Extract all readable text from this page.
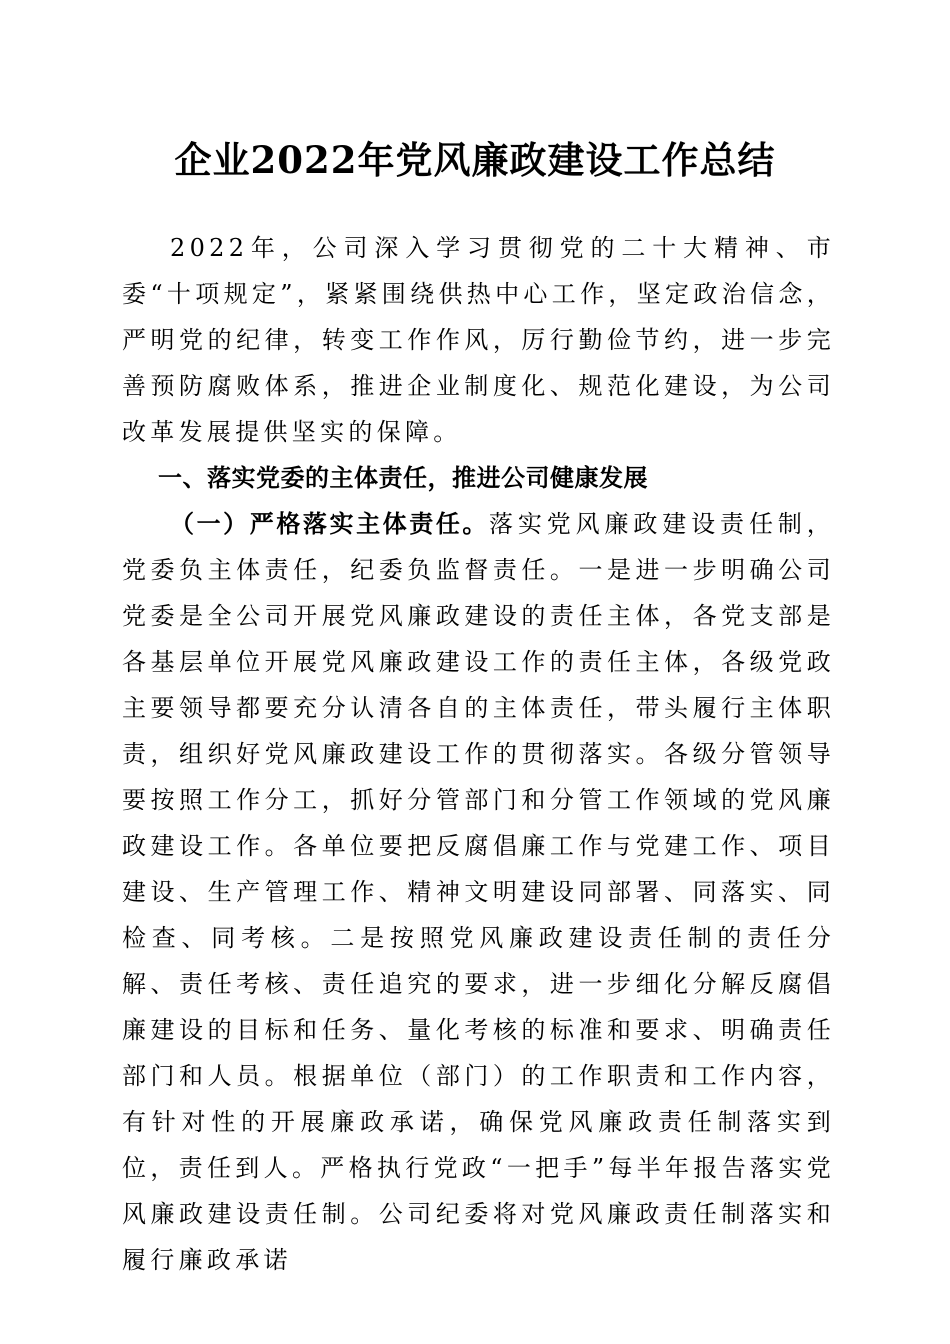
企业2022年党风廉政建设工作总结

2022年，公司深入学习贯彻党的二十大精神、市委“十项规定”，紧紧围绕供热中心工作，坚定政治信念，严明党的纪律，转变工作作风，厉行勤俭节约，进一步完善预防腐败体系，推进企业制度化、规范化建设，为公司改革发展提供坚实的保障。

一、落实党委的主体责任，推进公司健康发展

（一）严格落实主体责任。落实党风廉政建设责任制，党委负主体责任，纪委负监督责任。一是进一步明确公司党委是全公司开展党风廉政建设的责任主体，各党支部是各基层单位开展党风廉政建设工作的责任主体，各级党政主要领导都要充分认清各自的主体责任，带头履行主体职责，组织好党风廉政建设工作的贯彻落实。各级分管领导要按照工作分工，抓好分管部门和分管工作领域的党风廉政建设工作。各单位要把反腐倡廉工作与党建工作、项目建设、生产管理工作、精神文明建设同部署、同落实、同检查、同考核。二是按照党风廉政建设责任制的责任分解、责任考核、责任追究的要求，进一步细化分解反腐倡廉建设的目标和任务、量化考核的标准和要求、明确责任部门和人员。根据单位（部门）的工作职责和工作内容，有针对性的开展廉政承诺，确保党风廉政责任制落实到位，责任到人。严格执行党政“一把手”每半年报告落实党风廉政建设责任制。公司纪委将对党风廉政责任制落实和履行廉政承诺
